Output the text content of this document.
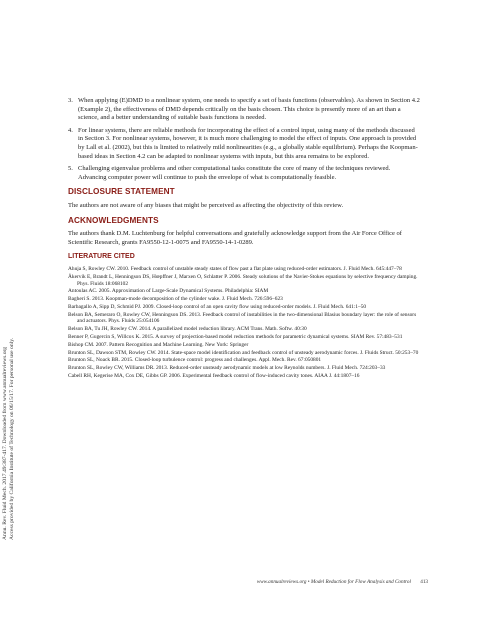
Annu. Rev. Fluid Mech. 2017.49:387-417. Downloaded from www.annualreviews.org Access provided by California Institute of Technology on 06/15/17. For personal use only.
3. When applying (E)DMD to a nonlinear system, one needs to specify a set of basis functions (observables). As shown in Section 4.2 (Example 2), the effectiveness of DMD depends critically on the basis chosen. This choice is presently more of an art than a science, and a better understanding of suitable basis functions is needed.
4. For linear systems, there are reliable methods for incorporating the effect of a control input, using many of the methods discussed in Section 3. For nonlinear systems, however, it is much more challenging to model the effect of inputs. One approach is provided by Lall et al. (2002), but this is limited to relatively mild nonlinearities (e.g., a globally stable equilibrium). Perhaps the Koopman-based ideas in Section 4.2 can be adapted to nonlinear systems with inputs, but this area remains to be explored.
5. Challenging eigenvalue problems and other computational tasks constitute the core of many of the techniques reviewed. Advancing computer power will continue to push the envelope of what is computationally feasible.
DISCLOSURE STATEMENT

The authors are not aware of any biases that might be perceived as affecting the objectivity of this review.

ACKNOWLEDGMENTS

The authors thank D.M. Luchtenburg for helpful conversations and gratefully acknowledge support from the Air Force Office of Scientific Research, grants FA9550-12-1-0075 and FA9550-14-1-0289.

LITERATURE CITED
Ahuja S, Rowley CW. 2010. Feedback control of unstable steady states of flow past a flat plate using reduced-order estimators. J. Fluid Mech. 645:447–78
Åkervik E, Brandt L, Henningson DS, Hœpffner J, Marxen O, Schlatter P. 2006. Steady solutions of the Navier-Stokes equations by selective frequency damping. Phys. Fluids 18:068102
Antoulas AC. 2005. Approximation of Large-Scale Dynamical Systems. Philadelphia: SIAM
Bagheri S. 2013. Koopman-mode decomposition of the cylinder wake. J. Fluid Mech. 726:596–623
Barbagallo A, Sipp D, Schmid PJ. 2009. Closed-loop control of an open cavity flow using reduced-order models. J. Fluid Mech. 641:1–50
Belson BA, Semeraro O, Rowley CW, Henningson DS. 2013. Feedback control of instabilities in the two-dimensional Blasius boundary layer: the role of sensors and actuators. Phys. Fluids 25:054106
Belson BA, Tu JH, Rowley CW. 2014. A parallelized model reduction library. ACM Trans. Math. Softw. 40:30
Benner P, Gugercin S, Willcox K. 2015. A survey of projection-based model reduction methods for parametric dynamical systems. SIAM Rev. 57:483–531
Bishop CM. 2007. Pattern Recognition and Machine Learning. New York: Springer
Brunton SL, Dawson STM, Rowley CW. 2014. State-space model identification and feedback control of unsteady aerodynamic forces. J. Fluids Struct. 50:253–70
Brunton SL, Noack BR. 2015. Closed-loop turbulence control: progress and challenges. Appl. Mech. Rev. 67:050801
Brunton SL, Rowley CW, Williams DR. 2013. Reduced-order unsteady aerodynamic models at low Reynolds numbers. J. Fluid Mech. 724:203–33
Cabell RH, Kegerise MA, Cox DE, Gibbs GP. 2006. Experimental feedback control of flow-induced cavity tones. AIAA J. 44:1807–16
www.annualreviews.org • Model Reduction for Flow Analysis and Control 413
